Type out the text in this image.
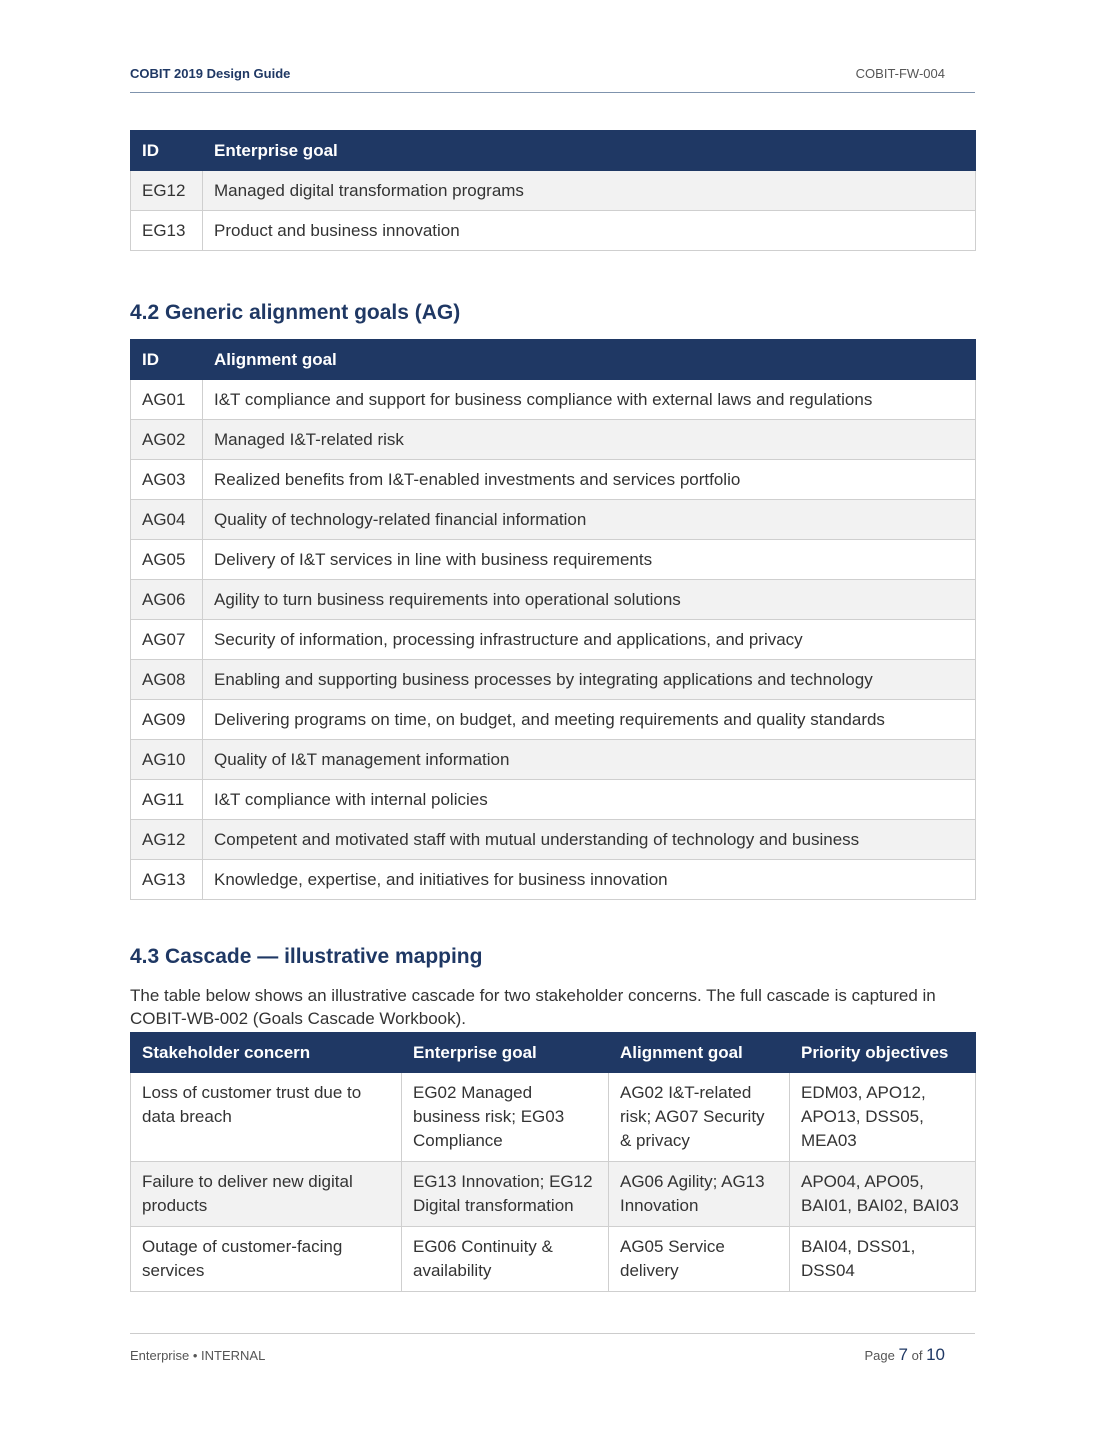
COBIT 2019 Design Guide	COBIT-FW-004
ID	Enterprise goal
EG12	Managed digital transformation programs
EG13	Product and business innovation
4.2 Generic alignment goals (AG)
ID	Alignment goal
AG01	I&T compliance and support for business compliance with external laws and regulations
AG02	Managed I&T-related risk
AG03	Realized benefits from I&T-enabled investments and services portfolio
AG04	Quality of technology-related financial information
AG05	Delivery of I&T services in line with business requirements
AG06	Agility to turn business requirements into operational solutions
AG07	Security of information, processing infrastructure and applications, and privacy
AG08	Enabling and supporting business processes by integrating applications and technology
AG09	Delivering programs on time, on budget, and meeting requirements and quality standards
AG10	Quality of I&T management information
AG11	I&T compliance with internal policies
AG12	Competent and motivated staff with mutual understanding of technology and business
AG13	Knowledge, expertise, and initiatives for business innovation
4.3 Cascade — illustrative mapping

The table below shows an illustrative cascade for two stakeholder concerns. The full cascade is captured in COBIT-WB-002 (Goals Cascade Workbook).

Stakeholder concern	Enterprise goal	Alignment goal	Priority objectives
Loss of customer trust due to data breach	EG02 Managed business risk; EG03 Compliance	AG02 I&T-related risk; AG07 Security & privacy	EDM03, APO12, APO13, DSS05, MEA03
Failure to deliver new digital products	EG13 Innovation; EG12 Digital transformation	AG06 Agility; AG13 Innovation	APO04, APO05, BAI01, BAI02, BAI03
Outage of customer-facing services	EG06 Continuity & availability	AG05 Service delivery	BAI04, DSS01, DSS04
Enterprise • INTERNAL	Page 7 of 10
